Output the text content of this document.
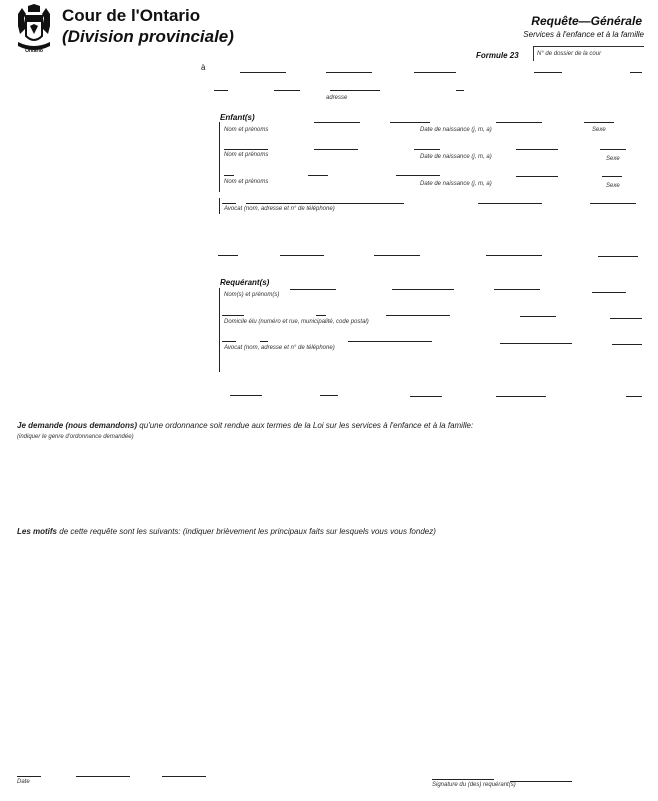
Ontario
Cour de l'Ontario
(Division provinciale)
Requête—Générale
Services à l'enfance et à la famille
Formule 23	N° de dossier de la cour
à
adresse
Enfant(s)
Nom et prénoms	Date de naissance (j, m, a)	Sexe
Nom et prénoms	Date de naissance (j, m, a)	Sexe
Nom et prénoms	Date de naissance (j, m, a)	Sexe
Avocat (nom, adresse et n° de téléphone)
Requérant(s)
Nom(s) et prénom(s)
Domicile élu (numéro et rue, municipalité, code postal)
Avocat (nom, adresse et n° de téléphone)
Je demande (nous demandons) qu'une ordonnance soit rendue aux termes de la Loi sur les services à l'enfance et à la famille:
(indiquer le genre d'ordonnance demandée)
Les motifs de cette requête sont les suivants: (indiquer brièvement les principaux faits sur lesquels vous vous fondez)
Date	Signature du (des) requérant(s)
